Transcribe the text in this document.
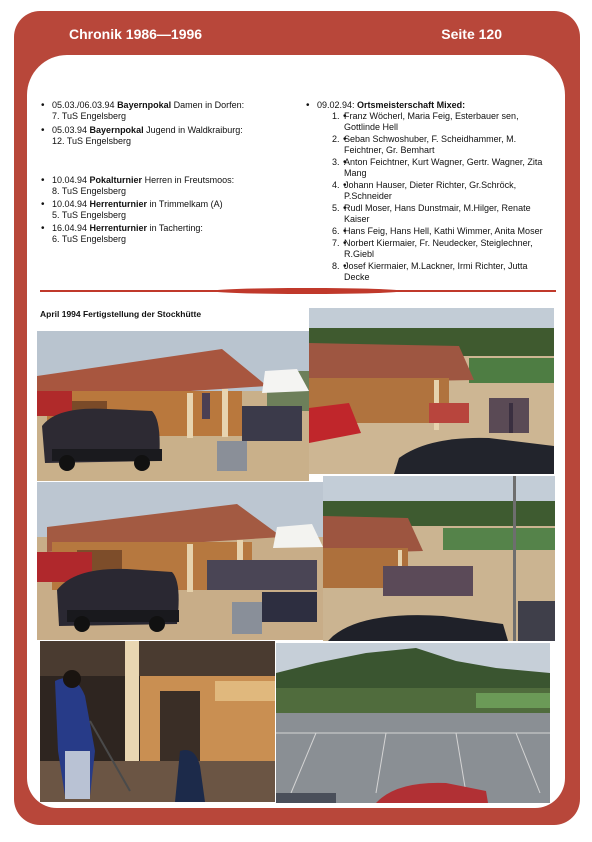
Chronik 1986—1996	Seite 120
• 05.03./06.03.94 Bayernpokal Damen in Dorfen:
7. TuS Engelsberg
• 05.03.94 Bayernpokal Jugend in Waldkraiburg:
12. TuS Engelsberg
• 10.04.94 Pokalturnier Herren in Freutsmoos:
8. TuS Engelsberg
• 10.04.94 Herrenturnier in Trimmelkam (A)
5. TuS Engelsberg
• 16.04.94 Herrenturnier in Tacherting:
6. TuS Engelsberg
• 09.02.94: Ortsmeisterschaft Mixed:
• 1. Franz Wöcherl, Maria Feig, Esterbauer sen, Gottlinde Hell
• 2. Seban Schwoshuber, F. Scheidhammer, M. Feichtner, Gr. Bemhart
• 3. Anton Feichtner, Kurt Wagner, Gertr. Wagner, Zita Mang
• 4. Johann Hauser, Dieter Richter, Gr.Schröck, P.Schneider
• 5. Rudl Moser, Hans Dunstmair, M.Hilger, Renate Kaiser
• 6. Hans Feig, Hans Hell, Kathi Wimmer, Anita Moser
• 7. Norbert Kiermaier, Fr. Neudecker, Steiglechner, R.Giebl
• 8. Josef Kiermaier, M.Lackner, Irmi Richter, Jutta Decke
April 1994 Fertigstellung der Stockhütte
